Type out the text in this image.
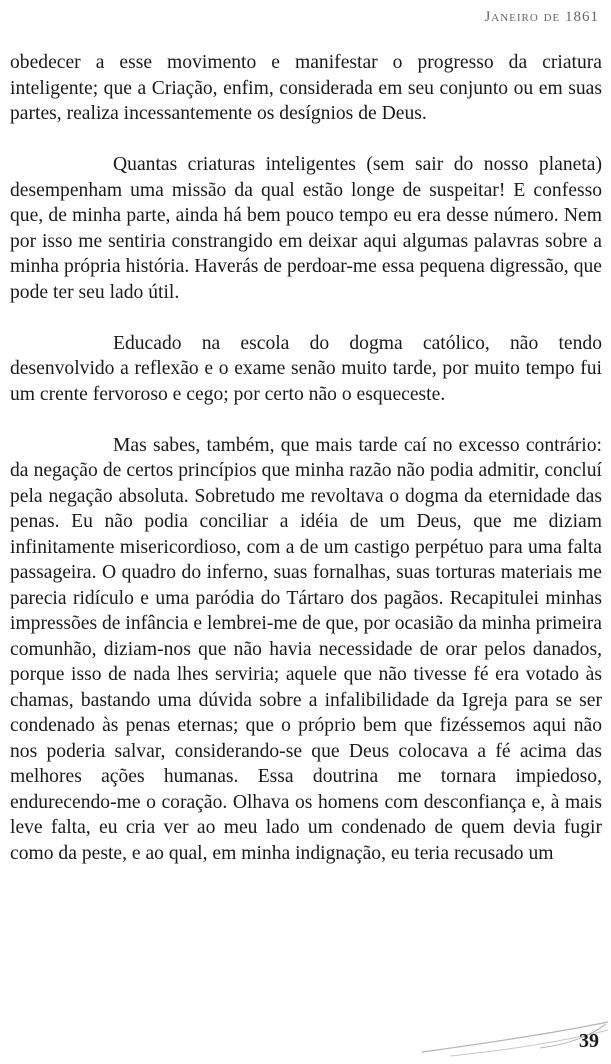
Janeiro de 1861

obedecer a esse movimento e manifestar o progresso da criatura inteligente; que a Criação, enfim, considerada em seu conjunto ou em suas partes, realiza incessantemente os desígnios de Deus.

Quantas criaturas inteligentes (sem sair do nosso planeta) desempenham uma missão da qual estão longe de suspeitar! E confesso que, de minha parte, ainda há bem pouco tempo eu era desse número. Nem por isso me sentiria constrangido em deixar aqui algumas palavras sobre a minha própria história. Haverás de perdoar-me essa pequena digressão, que pode ter seu lado útil.

Educado na escola do dogma católico, não tendo desenvolvido a reflexão e o exame senão muito tarde, por muito tempo fui um crente fervoroso e cego; por certo não o esqueceste.

Mas sabes, também, que mais tarde caí no excesso contrário: da negação de certos princípios que minha razão não podia admitir, concluí pela negação absoluta. Sobretudo me revoltava o dogma da eternidade das penas. Eu não podia conciliar a idéia de um Deus, que me diziam infinitamente misericordioso, com a de um castigo perpétuo para uma falta passageira. O quadro do inferno, suas fornalhas, suas torturas materiais me parecia ridículo e uma paródia do Tártaro dos pagãos. Recapitulei minhas impressões de infância e lembrei-me de que, por ocasião da minha primeira comunhão, diziam-nos que não havia necessidade de orar pelos danados, porque isso de nada lhes serviria; aquele que não tivesse fé era votado às chamas, bastando uma dúvida sobre a infalibilidade da Igreja para se ser condenado às penas eternas; que o próprio bem que fizéssemos aqui não nos poderia salvar, considerando-se que Deus colocava a fé acima das melhores ações humanas. Essa doutrina me tornara impiedoso, endurecendo-me o coração. Olhava os homens com desconfiança e, à mais leve falta, eu cria ver ao meu lado um condenado de quem devia fugir como da peste, e ao qual, em minha indignação, eu teria recusado um

39
